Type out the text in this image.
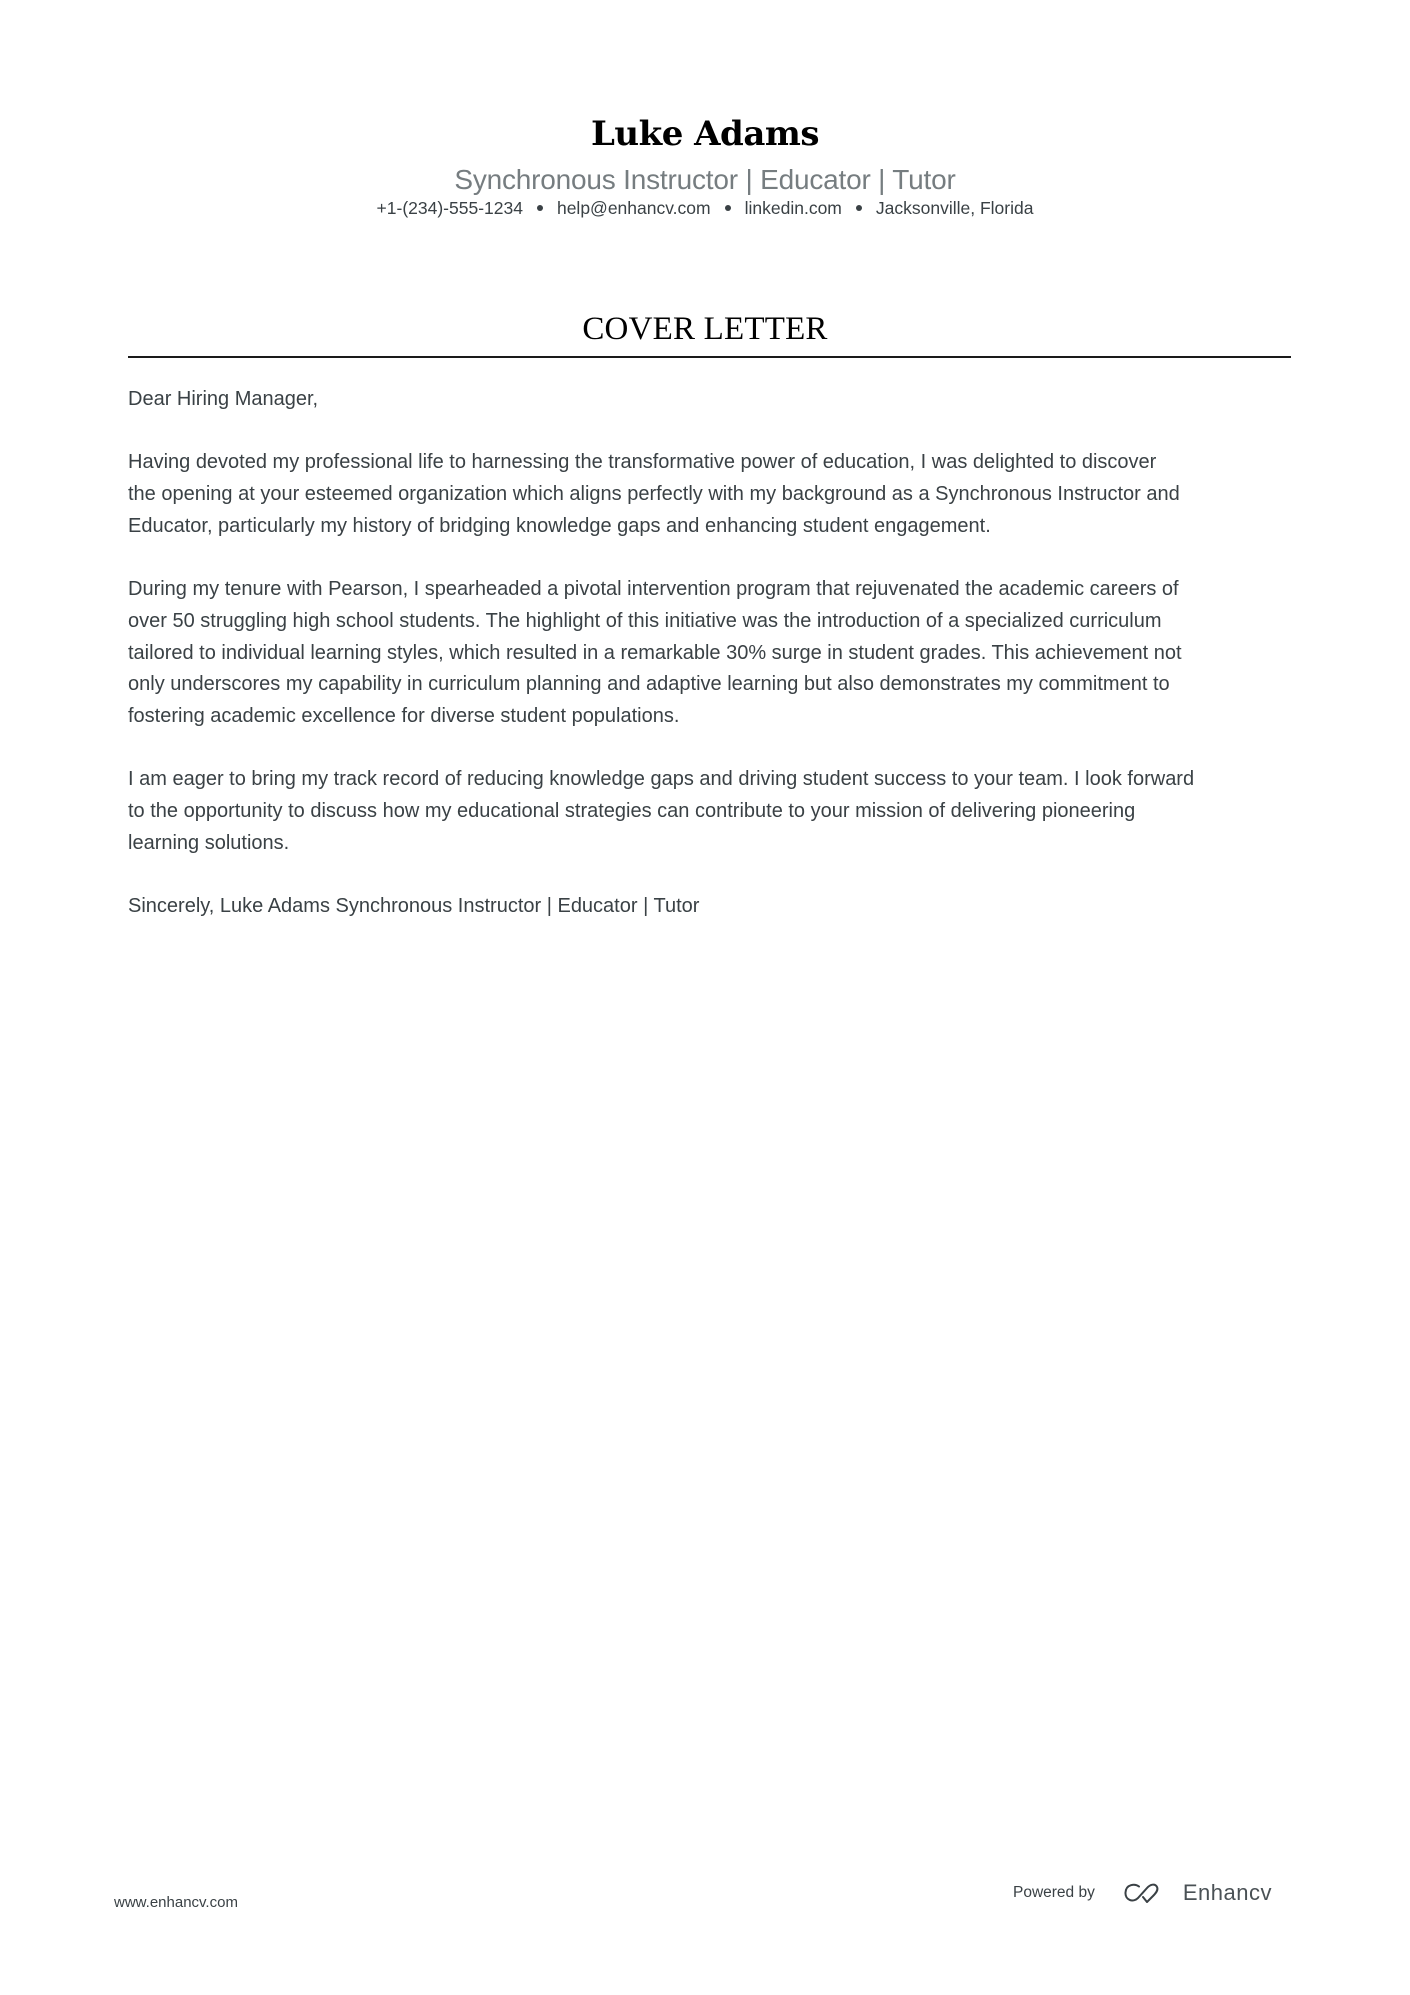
Luke Adams
Synchronous Instructor | Educator | Tutor
+1-(234)-555-1234 help@enhancv.com linkedin.com Jacksonville, Florida
COVER LETTER
Dear Hiring Manager,
Having devoted my professional life to harnessing the transformative power of education, I was delighted to discover
the opening at your esteemed organization which aligns perfectly with my background as a Synchronous Instructor and
Educator, particularly my history of bridging knowledge gaps and enhancing student engagement.
During my tenure with Pearson, I spearheaded a pivotal intervention program that rejuvenated the academic careers of
over 50 struggling high school students. The highlight of this initiative was the introduction of a specialized curriculum
tailored to individual learning styles, which resulted in a remarkable 30% surge in student grades. This achievement not
only underscores my capability in curriculum planning and adaptive learning but also demonstrates my commitment to
fostering academic excellence for diverse student populations.
I am eager to bring my track record of reducing knowledge gaps and driving student success to your team. I look forward
to the opportunity to discuss how my educational strategies can contribute to your mission of delivering pioneering
learning solutions.
Sincerely, Luke Adams Synchronous Instructor | Educator | Tutor
www.enhancv.com
Powered by	Enhancv
